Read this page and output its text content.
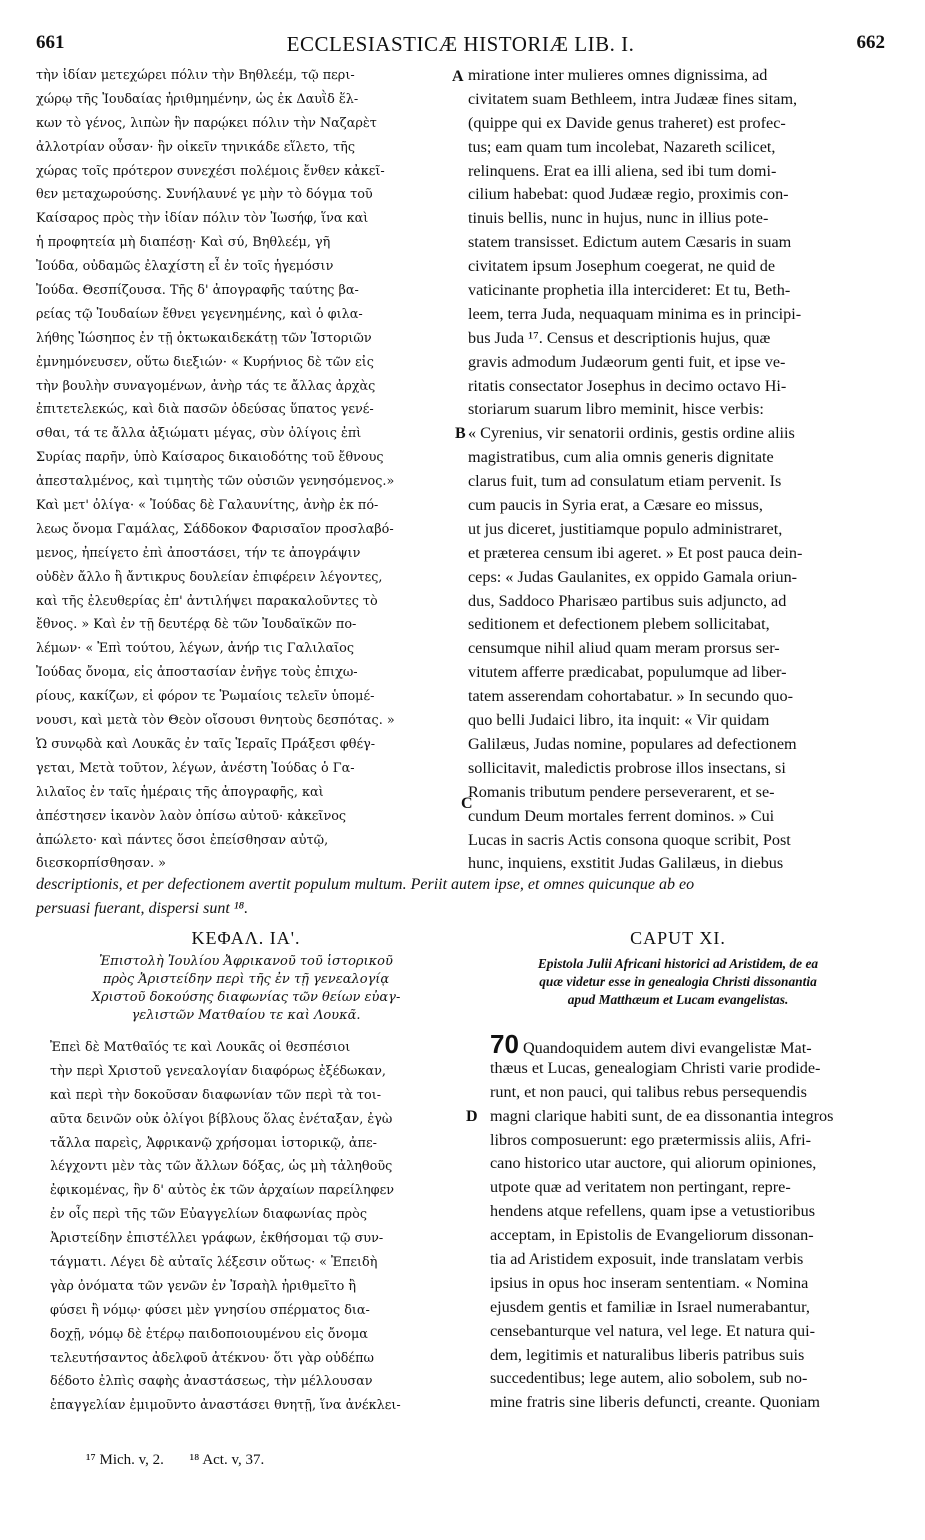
661	ECCLESIASTICÆ HISTORIÆ LIB. I.	662
τὴν ἰδίαν μετεχώρει πόλιν τὴν Βηθλεέμ, τῷ περι-
χώρῳ τῆς Ἰουδαίας ἠριθμημένην, ὡς ἐκ Δαυῒδ ἕλ-
κων τὸ γένος, λιπὼν ἣν παρῴκει πόλιν τὴν Ναζαρὲτ
ἀλλοτρίαν οὖσαν· ἣν οἰκεῖν τηνικάδε εἵλετο, τῆς
χώρας τοῖς πρότερον συνεχέσι πολέμοις ἔνθεν κἀκεῖ-
θεν μεταχωρούσης. Συνήλαυνέ γε μὴν τὸ δόγμα τοῦ
Καίσαρος πρὸς τὴν ἰδίαν πόλιν τὸν Ἰωσήφ, ἵνα καὶ
ἡ προφητεία μὴ διαπέσῃ· Καὶ σύ, Βηθλεέμ, γῆ
Ἰούδα, οὐδαμῶς ἐλαχίστη εἶ ἐν τοῖς ἡγεμόσιν
Ἰούδα. Θεσπίζουσα. Τῆς δ' ἀπογραφῆς ταύτης βα-
ρείας τῷ Ἰουδαίων ἔθνει γεγενημένης, καὶ ὁ φιλα-
λήθης Ἰώσηπος ἐν τῇ ὀκτωκαιδεκάτῃ τῶν Ἱστοριῶν
ἐμνημόνευσεν, οὕτω διεξιών· « Κυρήνιος δὲ τῶν εἰς
τὴν βουλὴν συναγομένων, ἀνὴρ τάς τε ἄλλας ἀρχὰς
ἐπιτετελεκώς, καὶ διὰ πασῶν ὁδεύσας ὕπατος γενέ-
σθαι, τά τε ἄλλα ἀξιώματι μέγας, σὺν ὀλίγοις ἐπὶ
Συρίας παρῆν, ὑπὸ Καίσαρος δικαιοδότης τοῦ ἔθνους
ἀπεσταλμένος, καὶ τιμητὴς τῶν οὐσιῶν γενησόμενος.»
Καὶ μετ' ὀλίγα· « Ἰούδας δὲ Γαλαυνίτης, ἀνὴρ ἐκ πό-
λεως ὄνομα Γαμάλας, Σάδδοκον Φαρισαῖον προσλαβό-
μενος, ἠπείγετο ἐπὶ ἀποστάσει, τήν τε ἀπογράψιν
οὐδὲν ἄλλο ἢ ἄντικρυς δουλείαν ἐπιφέρειν λέγοντες,
καὶ τῆς ἐλευθερίας ἐπ' ἀντιλήψει παρακαλοῦντες τὸ
ἔθνος. » Καὶ ἐν τῇ δευτέρᾳ δὲ τῶν Ἰουδαϊκῶν πο-
λέμων· « Ἐπὶ τούτου, λέγων, ἀνήρ τις Γαλιλαῖος
Ἰούδας ὄνομα, εἰς ἀποστασίαν ἐνῆγε τοὺς ἐπιχω-
ρίους, κακίζων, εἰ φόρον τε Ῥωμαίοις τελεῖν ὑπομέ-
νουσι, καὶ μετὰ τὸν Θεὸν οἴσουσι θνητοὺς δεσπότας. »
Ὡ συνῳδὰ καὶ Λουκᾶς ἐν ταῖς Ἱεραῖς Πράξεσι φθέγ-
γεται, Μετὰ τοῦτον, λέγων, ἀνέστη Ἰούδας ὁ Γα-
λιλαῖος ἐν ταῖς ἡμέραις τῆς ἀπογραφῆς, καὶ
ἀπέστησεν ἱκανὸν λαὸν ὀπίσω αὐτοῦ· κἀκεῖνος
ἀπώλετο· καὶ πάντες ὅσοι ἐπείσθησαν αὐτῷ,
διεσκορπίσθησαν. »
miratione inter mulieres omnes dignissima, ad
civitatem suam Bethleem, intra Judææ fines sitam,
(quippe qui ex Davide genus traheret) est profec-
tus; eam quam tum incolebat, Nazareth scilicet,
relinquens. Erat ea illi aliena, sed ibi tum domi-
cilium habebat: quod Judææ regio, proximis con-
tinuis bellis, nunc in hujus, nunc in illius pote-
statem transisset. Edictum autem Cæsaris in suam
civitatem ipsum Josephum coegerat, ne quid de
vaticinante prophetia illa intercideret: Et tu, Beth-
leem, terra Juda, nequaquam minima es in principi-
bus Juda ¹⁷. Census et descriptionis hujus, quæ
gravis admodum Judæorum genti fuit, et ipse ve-
ritatis consectator Josephus in decimo octavo Hi-
storiarum suarum libro meminit, hisce verbis:
« Cyrenius, vir senatorii ordinis, gestis ordine aliis
magistratibus, cum alia omnis generis dignitate
clarus fuit, tum ad consulatum etiam pervenit. Is
cum paucis in Syria erat, a Cæsare eo missus,
ut jus diceret, justitiamque populo administraret,
et præterea censum ibi ageret. » Et post pauca dein-
ceps: « Judas Gaulanites, ex oppido Gamala oriun-
dus, Saddoco Pharisæo partibus suis adjuncto, ad
seditionem et defectionem plebem sollicitabat,
censumque nihil aliud quam meram prorsus ser-
vitutem afferre prædicabat, populumque ad liber-
tatem asserendam cohortabatur. » In secundo quo-
quo belli Judaici libro, ita inquit: « Vir quidam
Galilæus, Judas nomine, populares ad defectionem
sollicitavit, maledictis probrose illos insectans, si
Romanis tributum pendere perseverarent, et se-
cundum Deum mortales ferrent dominos. » Cui
Lucas in sacris Actis consona quoque scribit, Post
hunc, inquiens, exstitit Judas Galilæus, in diebus
A
B
C
D
descriptionis, et per defectionem avertit populum multum. Periit autem ipse, et omnes quicunque ab eo
persuasi fuerant, dispersi sunt ¹⁸.
ΚΕΦΑΛ. ΙΑ'.
Ἐπιστολὴ Ἰουλίου Ἀφρικανοῦ τοῦ ἱστορικοῦ
πρὸς Ἀριστείδην περὶ τῆς ἐν τῇ γενεαλογίᾳ
Χριστοῦ δοκούσης διαφωνίας τῶν θείων εὐαγ-
γελιστῶν Ματθαίου τε καὶ Λουκᾶ.
CAPUT XI.
Epistola Julii Africani historici ad Aristidem, de ea
quæ videtur esse in genealogia Christi dissonantia
apud Matthæum et Lucam evangelistas.
Ἐπεὶ δὲ Ματθαῖός τε καὶ Λουκᾶς οἱ θεσπέσιοι
τὴν περὶ Χριστοῦ γενεαλογίαν διαφόρως ἐξέδωκαν,
καὶ περὶ τὴν δοκοῦσαν διαφωνίαν τῶν περὶ τὰ τοι-
αῦτα δεινῶν οὐκ ὀλίγοι βίβλους ὅλας ἐνέταξαν, ἐγὼ
τἄλλα παρεὶς, Ἀφρικανῷ χρήσομαι ἱστορικῷ, ἀπε-
λέγχοντι μὲν τὰς τῶν ἄλλων δόξας, ὡς μὴ τἀληθοῦς
ἐφικομένας, ἣν δ' αὐτὸς ἐκ τῶν ἀρχαίων παρείληφεν
ἐν οἷς περὶ τῆς τῶν Εὐαγγελίων διαφωνίας πρὸς
Ἀριστείδην ἐπιστέλλει γράφων, ἐκθήσομαι τῷ συν-
τάγματι. Λέγει δὲ αὐταῖς λέξεσιν οὕτως· « Ἐπειδὴ
γὰρ ὀνόματα τῶν γενῶν ἐν Ἰσραὴλ ἠριθμεῖτο ἢ
φύσει ἢ νόμῳ· φύσει μὲν γνησίου σπέρματος δια-
δοχῇ, νόμῳ δὲ ἑτέρῳ παιδοποιουμένου εἰς ὄνομα
τελευτήσαντος ἀδελφοῦ ἀτέκνου· ὅτι γὰρ οὐδέπω
δέδοτο ἐλπὶς σαφὴς ἀναστάσεως, τὴν μέλλουσαν
ἐπαγγελίαν ἐμιμοῦντο ἀναστάσει θνητῇ, ἵνα ἀνέκλει-
70 Quandoquidem autem divi evangelistæ Mat-
thæus et Lucas, genealogiam Christi varie prodide-
runt, et non pauci, qui talibus rebus persequendis
magni clarique habiti sunt, de ea dissonantia integros
libros composuerunt: ego prætermissis aliis, Afri-
cano historico utar auctore, qui aliorum opiniones,
utpote quæ ad veritatem non pertingant, repre-
hendens atque refellens, quam ipse a vetustioribus
acceptam, in Epistolis de Evangeliorum dissonan-
tia ad Aristidem exposuit, inde translatam verbis
ipsius in opus hoc inseram sententiam. « Nomina
ejusdem gentis et familiæ in Israel numerabantur,
censebanturque vel natura, vel lege. Et natura qui-
dem, legitimis et naturalibus liberis patribus suis
succedentibus; lege autem, alio sobolem, sub no-
mine fratris sine liberis defuncti, creante. Quoniam
¹⁷ Mich. v, 2. ¹⁸ Act. v, 37.
